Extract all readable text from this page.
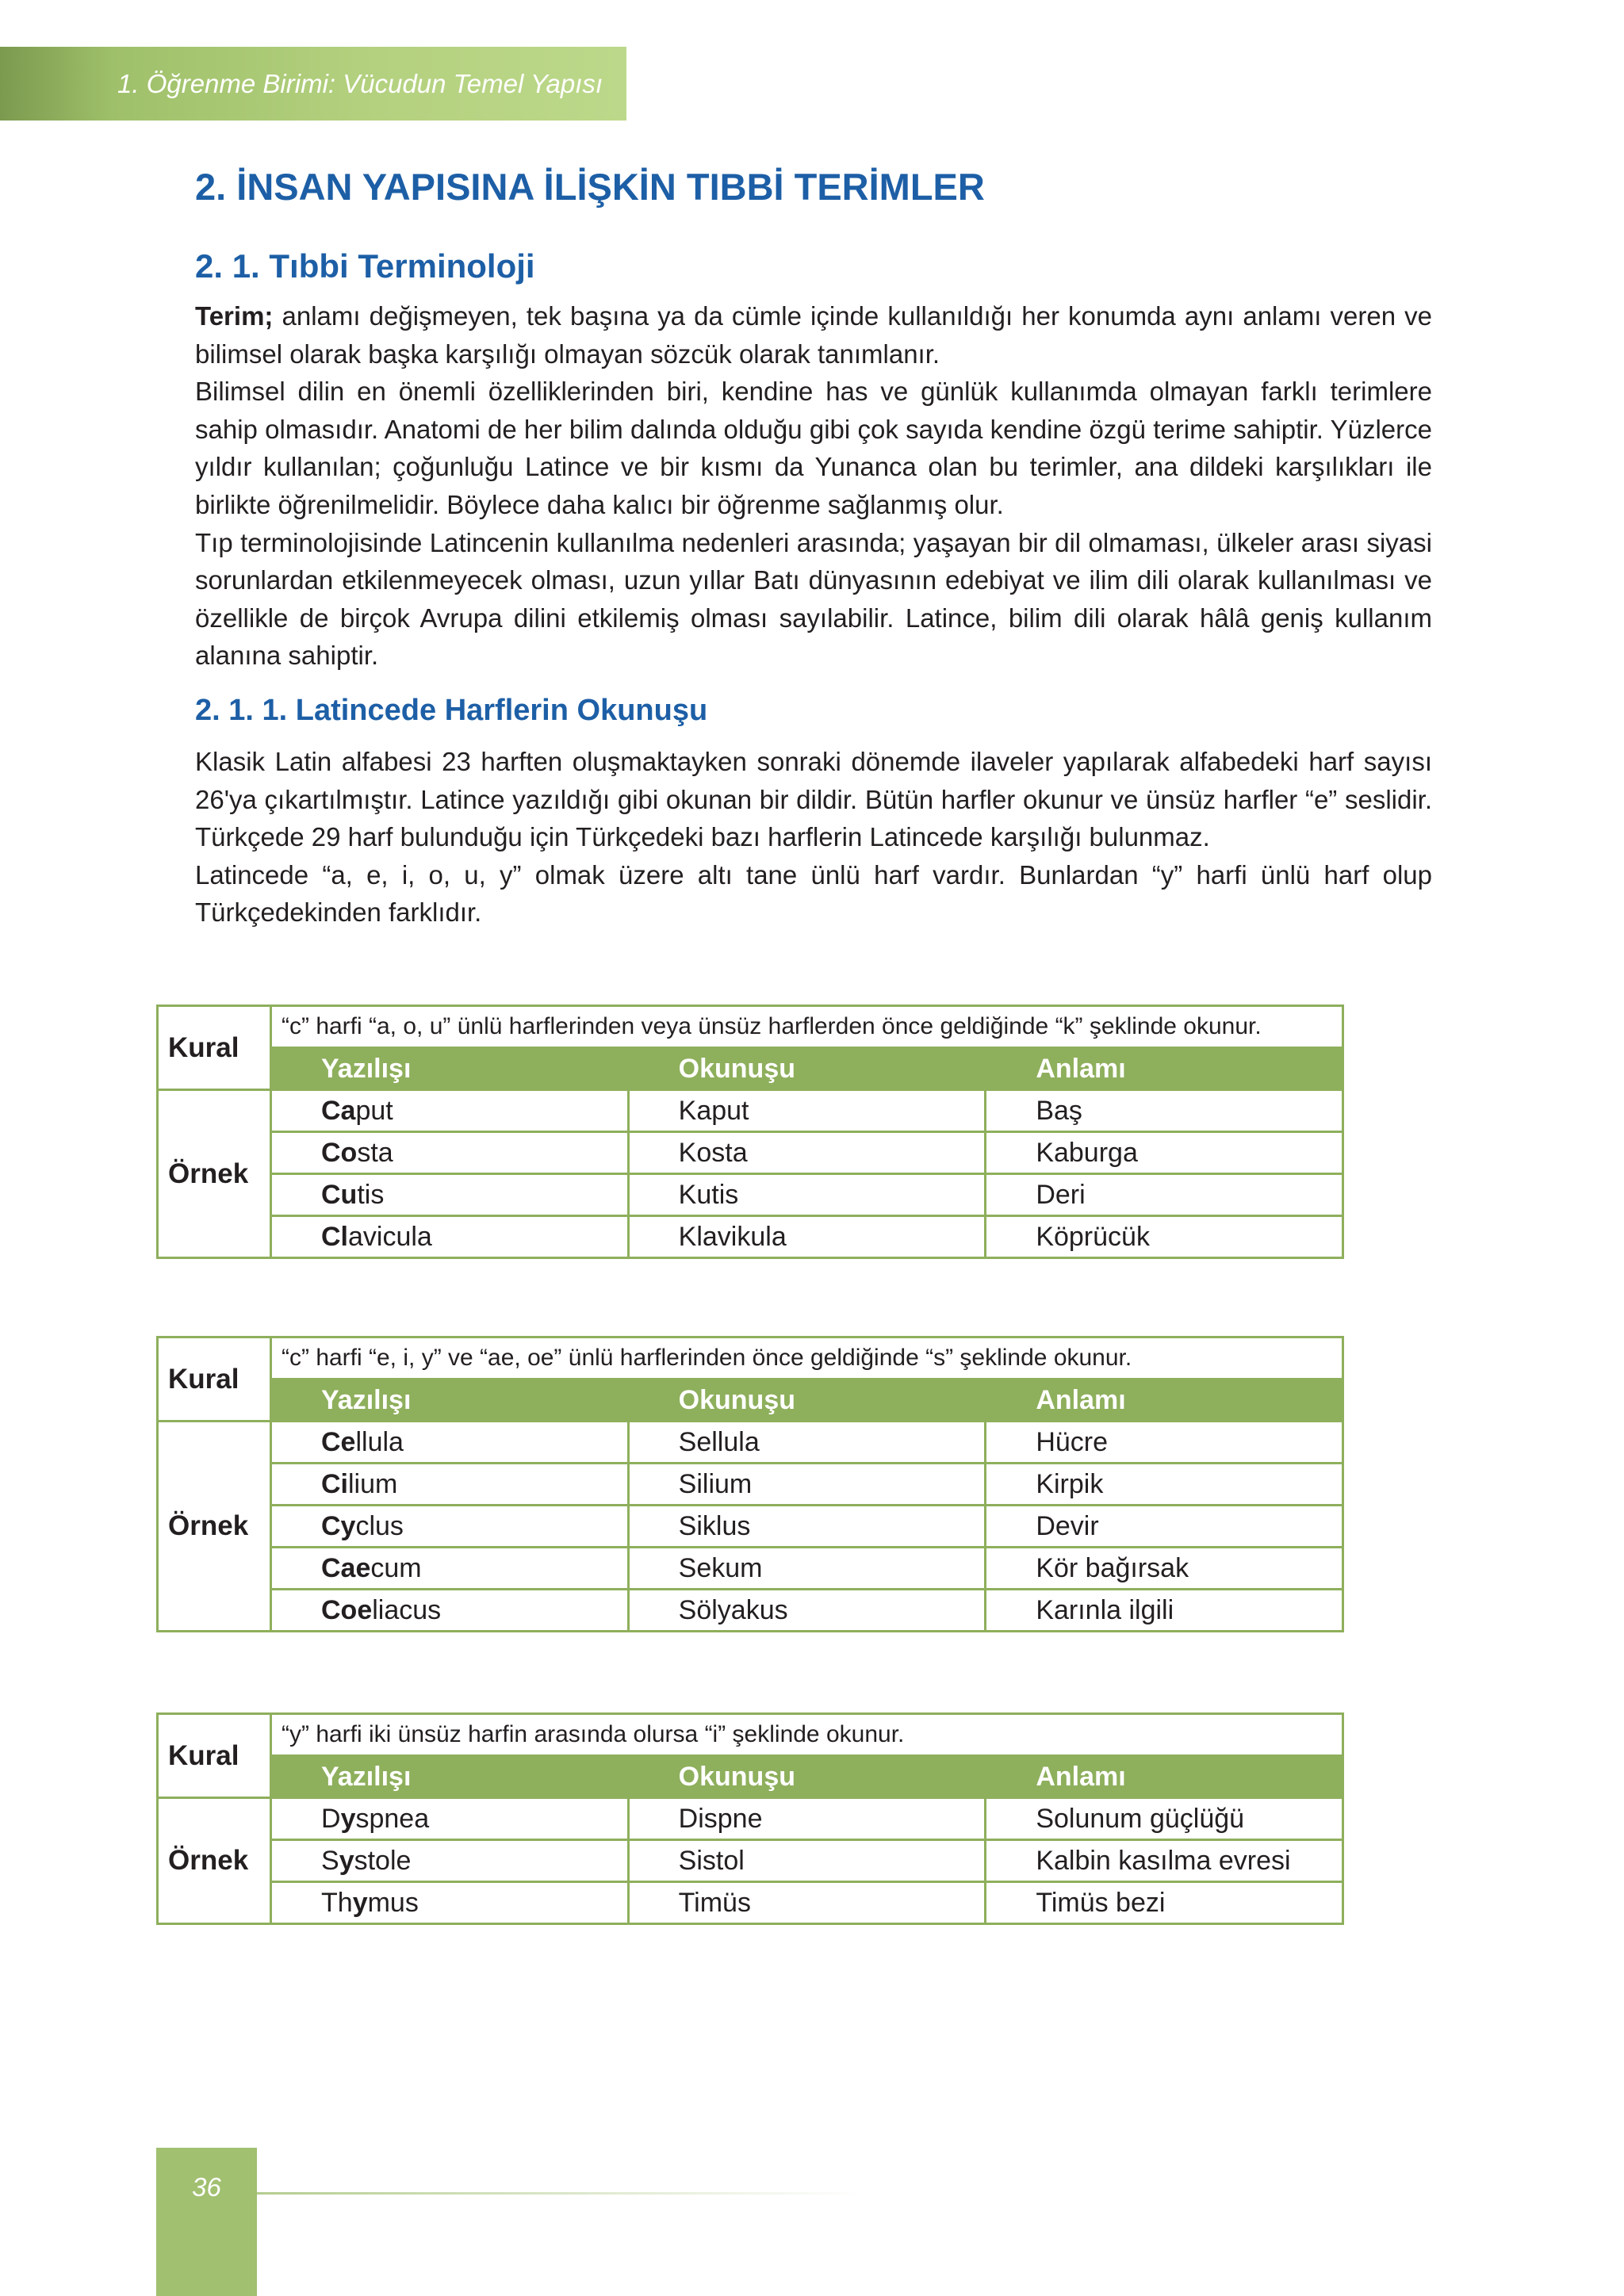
1. Öğrenme Birimi: Vücudun Temel Yapısı
2. İNSAN YAPISINA İLİŞKİN TIBBİ TERİMLER
2. 1. Tıbbi Terminoloji

Terim; anlamı değişmeyen, tek başına ya da cümle içinde kullanıldığı her konumda aynı anlamı veren ve bilimsel olarak başka karşılığı olmayan sözcük olarak tanımlanır.

Bilimsel dilin en önemli özelliklerinden biri, kendine has ve günlük kullanımda olmayan farklı terimlere sahip olmasıdır. Anatomi de her bilim dalında olduğu gibi çok sayıda kendine özgü terime sahiptir. Yüzlerce yıldır kullanılan; çoğunluğu Latince ve bir kısmı da Yunanca olan bu terimler, ana dildeki karşılıkları ile birlikte öğrenilmelidir. Böylece daha kalıcı bir öğrenme sağlanmış olur.

Tıp terminolojisinde Latincenin kullanılma nedenleri arasında; yaşayan bir dil olmaması, ülkeler arası siyasi sorunlardan etkilenmeyecek olması, uzun yıllar Batı dünyasının edebiyat ve ilim dili olarak kullanılması ve özellikle de birçok Avrupa dilini etkilemiş olması sayılabilir. Latince, bilim dili olarak hâlâ geniş kullanım alanına sahiptir.

2. 1. 1. Latincede Harflerin Okunuşu

Klasik Latin alfabesi 23 harften oluşmaktayken sonraki dönemde ilaveler yapılarak alfabedeki harf sayısı 26'ya çıkartılmıştır. Latince yazıldığı gibi okunan bir dildir. Bütün harfler okunur ve ünsüz harfler “e” seslidir. Türkçede 29 harf bulunduğu için Türkçedeki bazı harflerin Latincede karşılığı bulunmaz.

Latincede “a, e, i, o, u, y” olmak üzere altı tane ünlü harf vardır. Bunlardan “y” harfi ünlü harf olup Türkçedekinden farklıdır.

Kural	“c” harfi “a, o, u” ünlü harflerinden veya ünsüz harflerden önce geldiğinde “k” şeklinde okunur.		
	Yazılışı	Okunuşu	Anlamı
Örnek	Caput	Kaput	Baş
	Costa	Kosta	Kaburga
	Cutis	Kutis	Deri
	Clavicula	Klavikula	Köprücük
Kural	“c” harfi “e, i, y” ve “ae, oe” ünlü harflerinden önce geldiğinde “s” şeklinde okunur.		
	Yazılışı	Okunuşu	Anlamı
Örnek	Cellula	Sellula	Hücre
	Cilium	Silium	Kirpik
	Cyclus	Siklus	Devir
	Caecum	Sekum	Kör bağırsak
	Coeliacus	Sölyakus	Karınla ilgili
Kural	“y” harfi iki ünsüz harfin arasında olursa “i” şeklinde okunur.		
	Yazılışı	Okunuşu	Anlamı
Örnek	Dyspnea	Dispne	Solunum güçlüğü
	Systole	Sistol	Kalbin kasılma evresi
	Thymus	Timüs	Timüs bezi
36
